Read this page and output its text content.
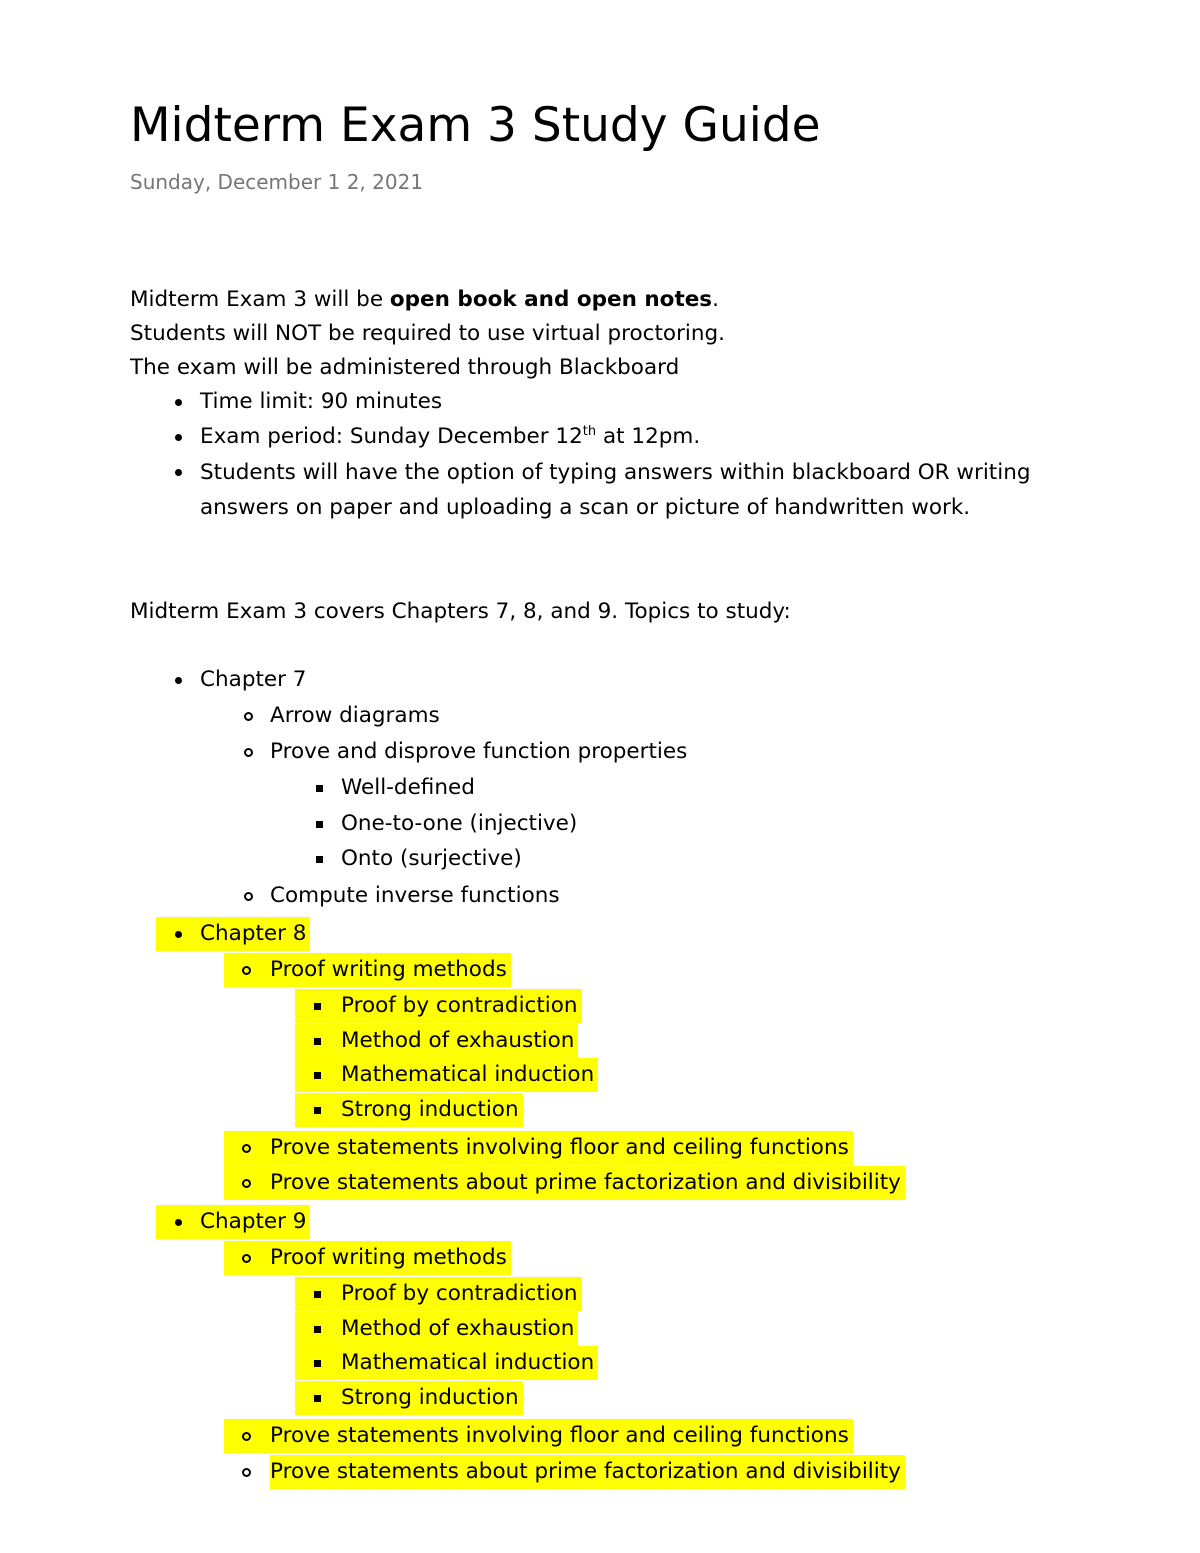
Midterm Exam 3 Study Guide
Sunday, December 1 2, 2021
Midterm Exam 3 will be open book and open notes.
Students will NOT be required to use virtual proctoring.
The exam will be administered through Blackboard
Time limit: 90 minutes
Exam period: Sunday December 12th at 12pm.
Students will have the option of typing answers within blackboard OR writing answers on paper and uploading a scan or picture of handwritten work.
Midterm Exam 3 covers Chapters 7, 8, and 9. Topics to study:
Chapter 7
Arrow diagrams
Prove and disprove function properties
Well-defined
One-to-one (injective)
Onto (surjective)
Compute inverse functions
Chapter 8
Proof writing methods
Proof by contradiction
Method of exhaustion
Mathematical induction
Strong induction
Prove statements involving floor and ceiling functions
Prove statements about prime factorization and divisibility
Chapter 9
Proof writing methods
Proof by contradiction
Method of exhaustion
Mathematical induction
Strong induction
Prove statements involving floor and ceiling functions
Prove statements about prime factorization and divisibility
